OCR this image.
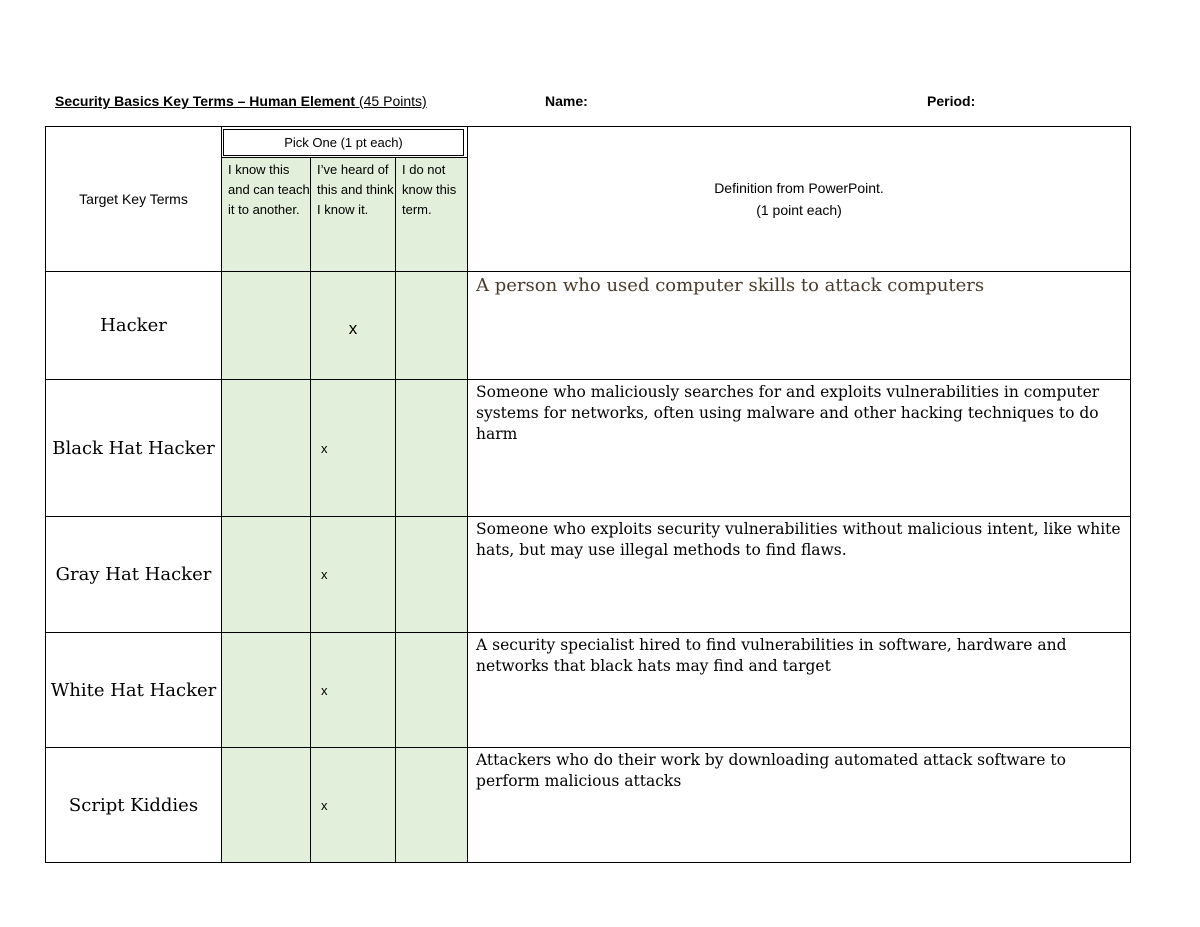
Security Basics Key Terms – Human Element (45 Points)	Name:	Period:
Target Key Terms	Pick One (1 pt each)			Definition from PowerPoint.
(1 point each)

	I know this and can teach it to another.	I’ve heard of this and think I know it.	I do not know this term.	
Hacker		x		A person who used computer skills to attack computers
Black Hat Hacker		x		Someone who maliciously searches for and exploits vulnerabilities in computer systems for networks, often using malware and other hacking techniques to do harm
Gray Hat Hacker		x		Someone who exploits security vulnerabilities without malicious intent, like white hats, but may use illegal methods to find flaws.
White Hat Hacker		x		A security specialist hired to find vulnerabilities in software, hardware and networks that black hats may find and target
Script Kiddies		x		Attackers who do their work by downloading automated attack software to perform malicious attacks
